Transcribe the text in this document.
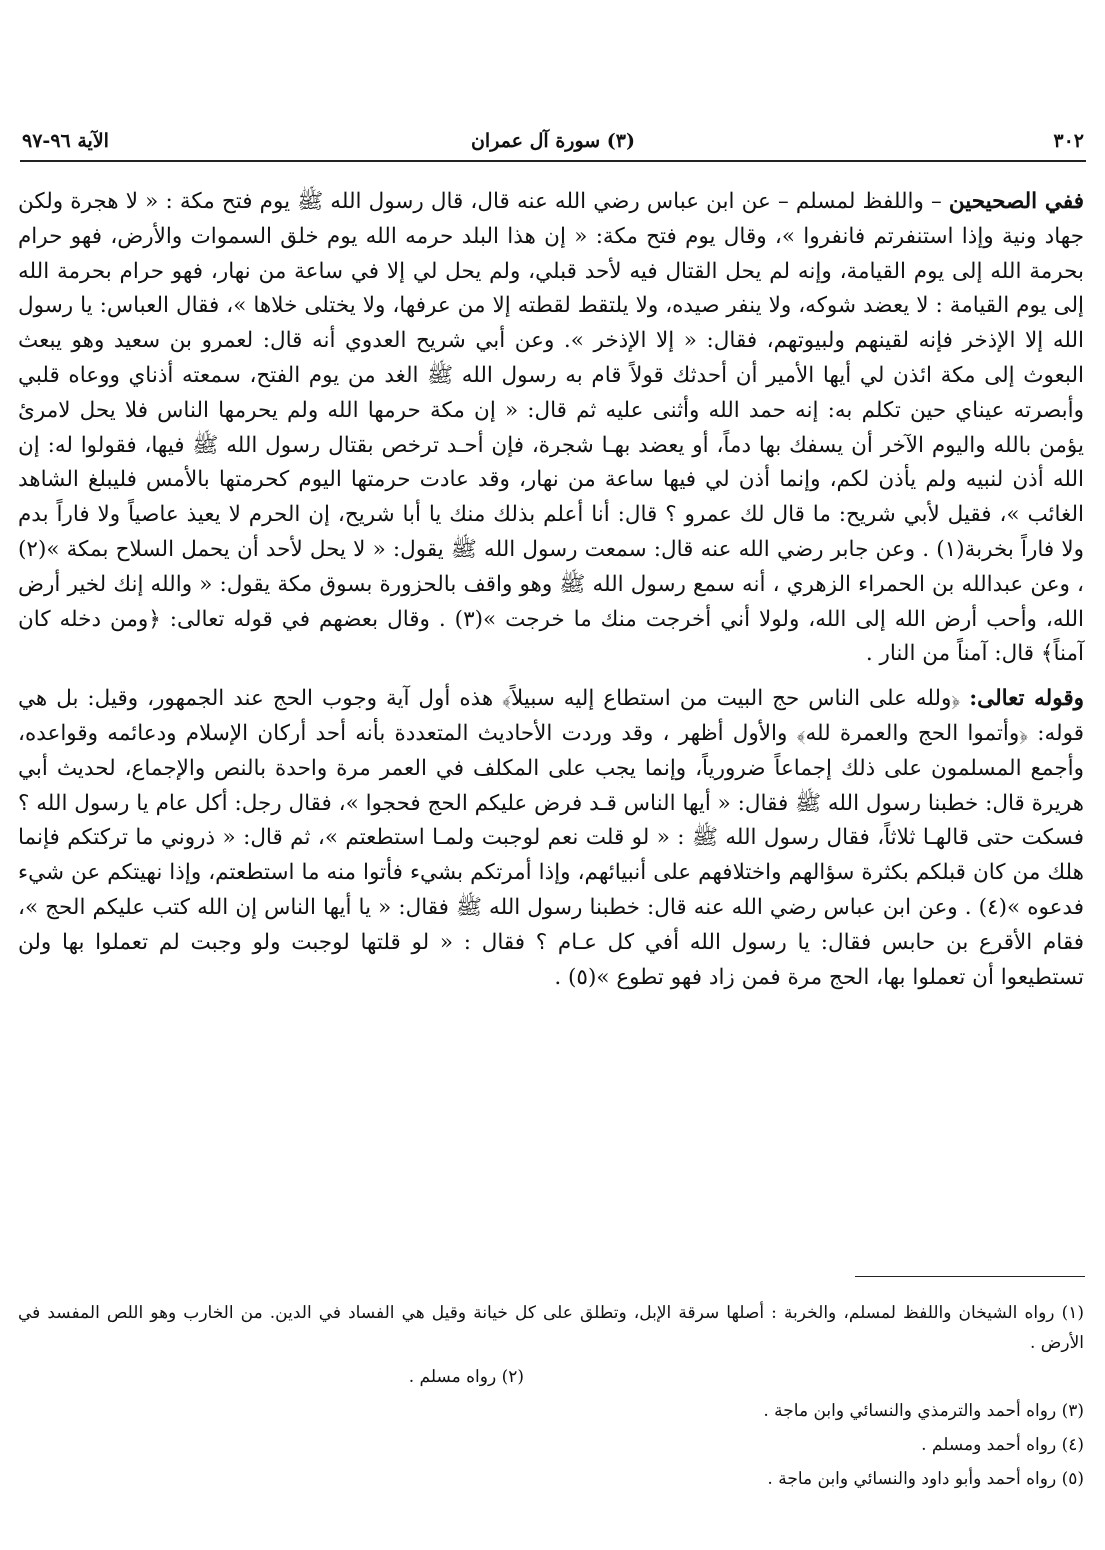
٣٠٢
(٣) سورة آل عمران
الآية ٩٦-٩٧

ففي الصحيحين – واللفظ لمسلم – عن ابن عباس رضي الله عنه قال، قال رسول الله ﷺ يوم فتح مكة : « لا هجرة ولكن جهاد ونية وإذا استنفرتم فانفروا »، وقال يوم فتح مكة: « إن هذا البلد حرمه الله يوم خلق السموات والأرض، فهو حرام بحرمة الله إلى يوم القيامة، وإنه لم يحل القتال فيه لأحد قبلي، ولم يحل لي إلا في ساعة من نهار، فهو حرام بحرمة الله إلى يوم القيامة : لا يعضد شوكه، ولا ينفر صيده، ولا يلتقط لقطته إلا من عرفها، ولا يختلى خلاها »، فقال العباس: يا رسول الله إلا الإذخر فإنه لقينهم ولبيوتهم، فقال: « إلا الإذخر ». وعن أبي شريح العدوي أنه قال: لعمرو بن سعيد وهو يبعث البعوث إلى مكة ائذن لي أيها الأمير أن أحدثك قولاً قام به رسول الله ﷺ الغد من يوم الفتح، سمعته أذناي ووعاه قلبي وأبصرته عيناي حين تكلم به: إنه حمد الله وأثنى عليه ثم قال: « إن مكة حرمها الله ولم يحرمها الناس فلا يحل لامرئ يؤمن بالله واليوم الآخر أن يسفك بها دماً، أو يعضد بهـا شجرة، فإن أحـد ترخص بقتال رسول الله ﷺ فيها، فقولوا له: إن الله أذن لنبيه ولم يأذن لكم، وإنما أذن لي فيها ساعة من نهار، وقد عادت حرمتها اليوم كحرمتها بالأمس فليبلغ الشاهد الغائب »، فقيل لأبي شريح: ما قال لك عمرو ؟ قال: أنا أعلم بذلك منك يا أبا شريح، إن الحرم لا يعيذ عاصياً ولا فاراً بدم ولا فاراً بخربة(١) . وعن جابر رضي الله عنه قال: سمعت رسول الله ﷺ يقول: « لا يحل لأحد أن يحمل السلاح بمكة »(٢) ، وعن عبدالله بن الحمراء الزهري ، أنه سمع رسول الله ﷺ وهو واقف بالحزورة بسوق مكة يقول: « والله إنك لخير أرض الله، وأحب أرض الله إلى الله، ولولا أني أخرجت منك ما خرجت »(٣) . وقال بعضهم في قوله تعالى: ﴿ومن دخله كان آمناً﴾ قال: آمناً من النار .

وقوله تعالى: ﴿ولله على الناس حج البيت من استطاع إليه سبيلاً﴾ هذه أول آية وجوب الحج عند الجمهور، وقيل: بل هي قوله: ﴿وأتموا الحج والعمرة لله﴾ والأول أظهر ، وقد وردت الأحاديث المتعددة بأنه أحد أركان الإسلام ودعائمه وقواعده، وأجمع المسلمون على ذلك إجماعاً ضرورياً، وإنما يجب على المكلف في العمر مرة واحدة بالنص والإجماع، لحديث أبي هريرة قال: خطبنا رسول الله ﷺ فقال: « أيها الناس قـد فرض عليكم الحج فحجوا »، فقال رجل: أكل عام يا رسول الله ؟ فسكت حتى قالهـا ثلاثاً، فقال رسول الله ﷺ : « لو قلت نعم لوجبت ولمـا استطعتم »، ثم قال: « ذروني ما تركتكم فإنما هلك من كان قبلكم بكثرة سؤالهم واختلافهم على أنبيائهم، وإذا أمرتكم بشيء فأتوا منه ما استطعتم، وإذا نهيتكم عن شيء فدعوه »(٤) . وعن ابن عباس رضي الله عنه قال: خطبنا رسول الله ﷺ فقال: « يا أيها الناس إن الله كتب عليكم الحج »، فقام الأقرع بن حابس فقال: يا رسول الله أفي كل عـام ؟ فقال : « لو قلتها لوجبت ولو وجبت لم تعملوا بها ولن تستطيعوا أن تعملوا بها، الحج مرة فمن زاد فهو تطوع »(٥) .

(١) رواه الشيخان واللفظ لمسلم، والخربة : أصلها سرقة الإبل، وتطلق على كل خيانة وقيل هي الفساد في الدين. من الخارب وهو اللص المفسد في الأرض .

(٢) رواه مسلم .

(٣) رواه أحمد والترمذي والنسائي وابن ماجة .

(٤) رواه أحمد ومسلم .

(٥) رواه أحمد وأبو داود والنسائي وابن ماجة .
